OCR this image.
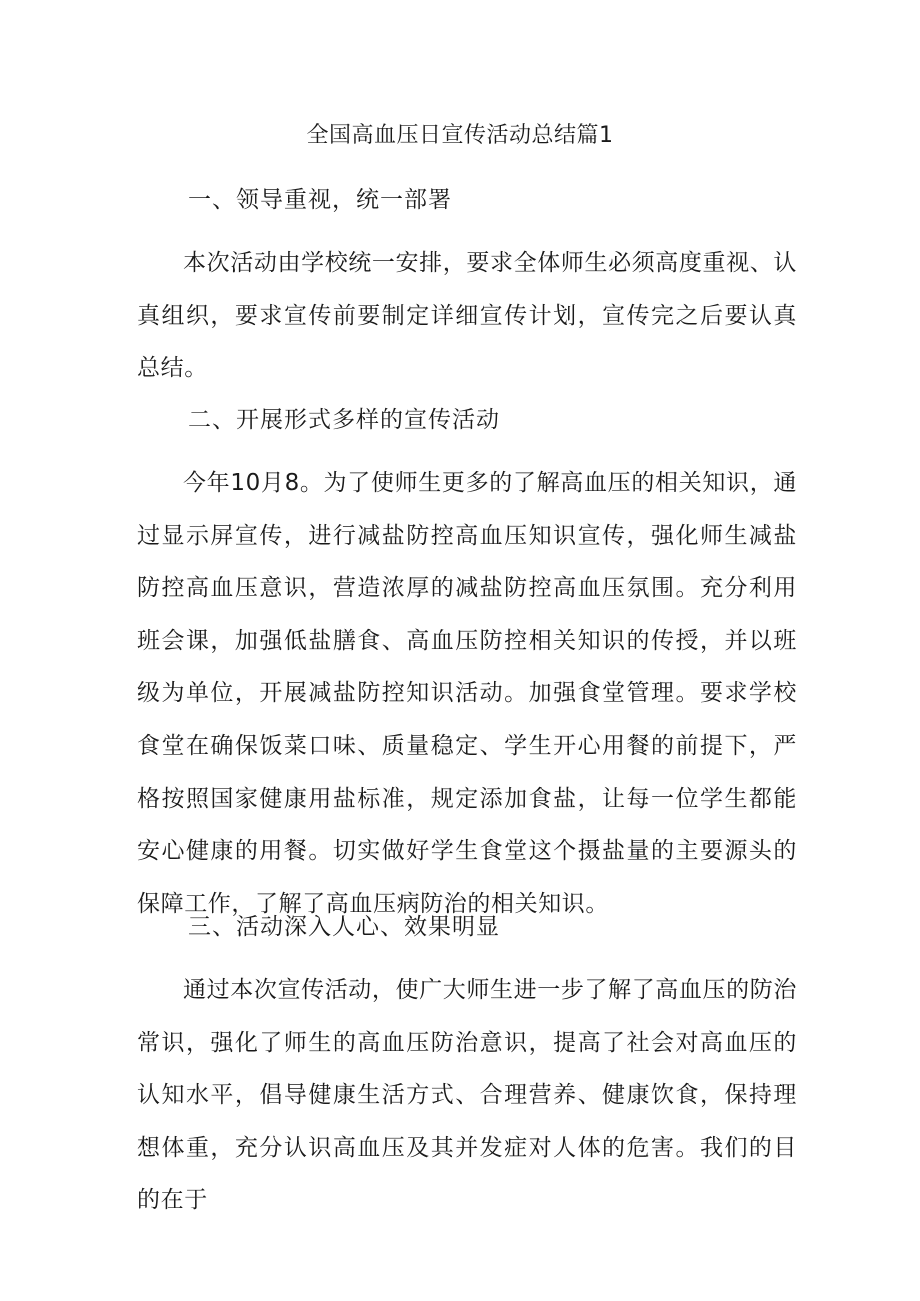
全国高血压日宣传活动总结篇1
一、领导重视，统一部署

本次活动由学校统一安排，要求全体师生必须高度重视、认真组织，要求宣传前要制定详细宣传计划，宣传完之后要认真总结。

二、开展形式多样的宣传活动

今年10月8。为了使师生更多的了解高血压的相关知识，通过显示屏宣传，进行减盐防控高血压知识宣传，强化师生减盐防控高血压意识，营造浓厚的减盐防控高血压氛围。充分利用班会课，加强低盐膳食、高血压防控相关知识的传授，并以班级为单位，开展减盐防控知识活动。加强食堂管理。要求学校食堂在确保饭菜口味、质量稳定、学生开心用餐的前提下，严格按照国家健康用盐标准，规定添加食盐，让每一位学生都能安心健康的用餐。切实做好学生食堂这个摄盐量的主要源头的保障工作，了解了高血压病防治的相关知识。

三、活动深入人心、效果明显

通过本次宣传活动，使广大师生进一步了解了高血压的防治常识，强化了师生的高血压防治意识，提高了社会对高血压的认知水平，倡导健康生活方式、合理营养、健康饮食，保持理想体重，充分认识高血压及其并发症对人体的危害。我们的目的在于
